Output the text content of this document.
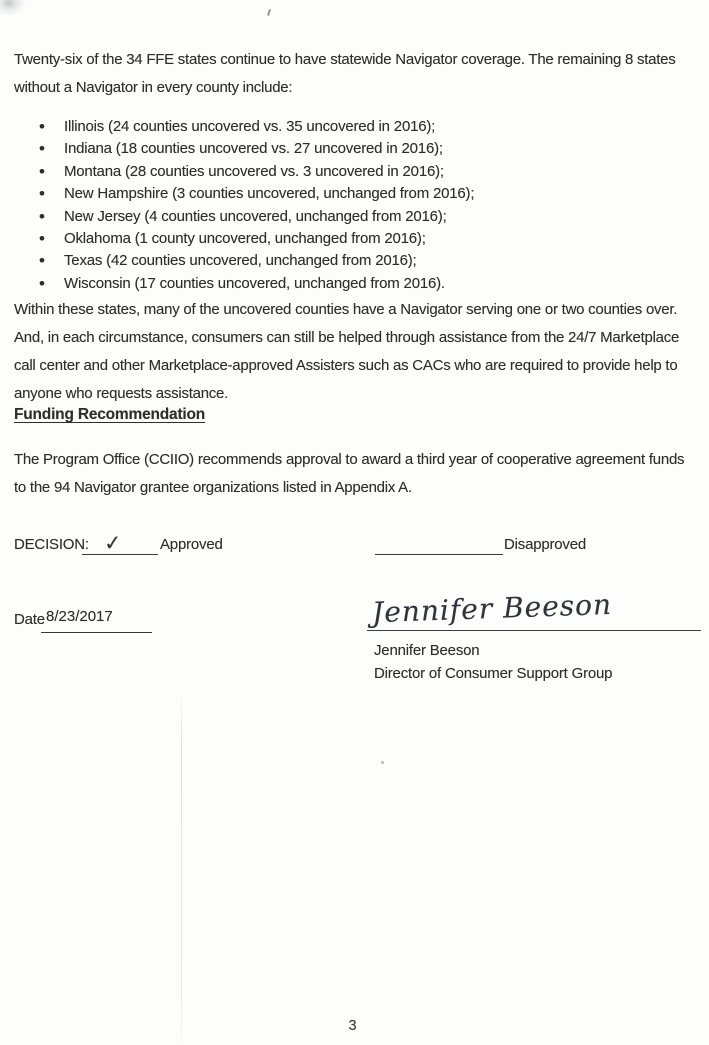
Twenty-six of the 34 FFE states continue to have statewide Navigator coverage. The remaining 8 states without a Navigator in every county include:

• Illinois (24 counties uncovered vs. 35 uncovered in 2016);
• Indiana (18 counties uncovered vs. 27 uncovered in 2016);
• Montana (28 counties uncovered vs. 3 uncovered in 2016);
• New Hampshire (3 counties uncovered, unchanged from 2016);
• New Jersey (4 counties uncovered, unchanged from 2016);
• Oklahoma (1 county uncovered, unchanged from 2016);
• Texas (42 counties uncovered, unchanged from 2016);
• Wisconsin (17 counties uncovered, unchanged from 2016).

Within these states, many of the uncovered counties have a Navigator serving one or two counties over. And, in each circumstance, consumers can still be helped through assistance from the 24/7 Marketplace call center and other Marketplace-approved Assisters such as CACs who are required to provide help to anyone who requests assistance.

Funding Recommendation

The Program Office (CCIIO) recommends approval to award a third year of cooperative agreement funds to the 94 Navigator grantee organizations listed in Appendix A.

DECISION: ✓	Approved	Disapproved
Date 8/23/2017	Jennifer Beeson
Jennifer Beeson
Director of Consumer Support Group
3
